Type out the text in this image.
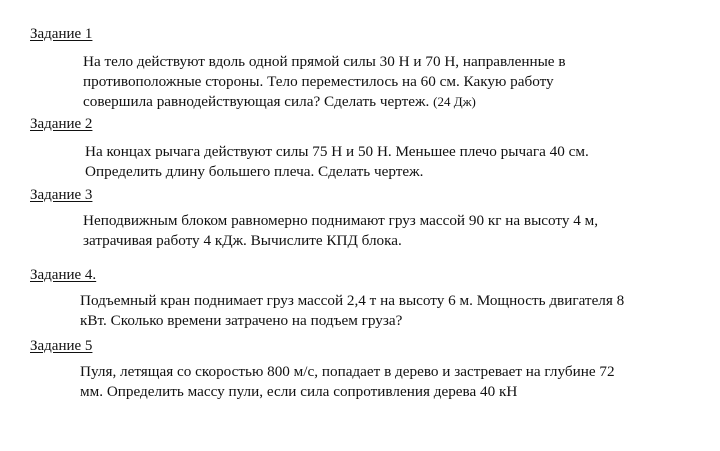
Задание 1
На тело действуют вдоль одной прямой силы 30 Н и 70 Н, направленные в
противоположные стороны. Тело переместилось на 60 см. Какую работу
совершила равнодействующая сила? Сделать чертеж. (24 Дж)
Задание 2
На концах рычага действуют силы 75 Н и 50 Н. Меньшее плечо рычага 40 см.
Определить длину большего плеча. Сделать чертеж.
Задание 3
Неподвижным блоком равномерно поднимают груз массой 90 кг на высоту 4 м,
затрачивая работу 4 кДж. Вычислите КПД блока.
Задание 4.
Подъемный кран поднимает груз массой 2,4 т на высоту 6 м. Мощность двигателя 8
кВт. Сколько времени затрачено на подъем груза?
Задание 5
Пуля, летящая со скоростью 800 м/с, попадает в дерево и застревает на глубине 72
мм. Определить массу пули, если сила сопротивления дерева 40 кН
